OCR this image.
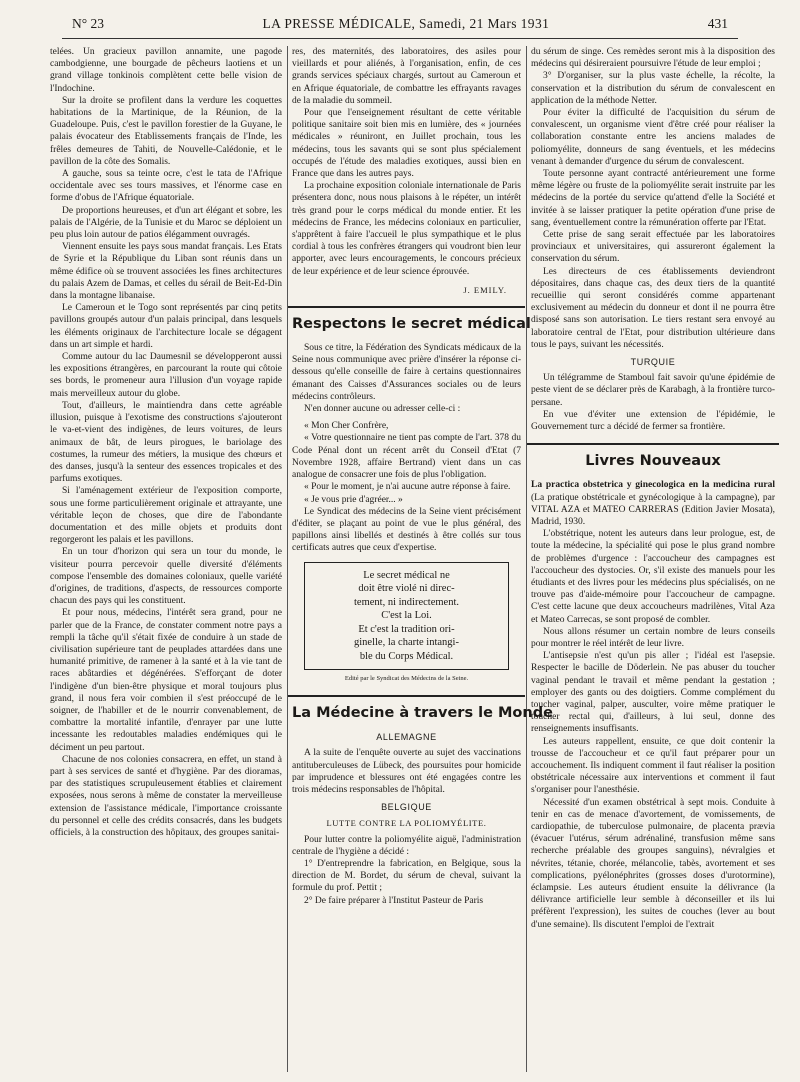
N° 23	LA PRESSE MÉDICALE, Samedi, 21 Mars 1931	431

telées. Un gracieux pavillon annamite, une pagode cambodgienne, une bourgade de pêcheurs laotiens et un grand village tonkinois complètent cette belle vision de l'Indochine.

Sur la droite se profilent dans la verdure les coquettes habitations de la Martinique, de la Réunion, de la Guadeloupe. Puis, c'est le pavillon forestier de la Guyane, le palais évocateur des Etablissements français de l'Inde, les frêles demeures de Tahiti, de Nouvelle-Calédonie, et le pavillon de la côte des Somalis.

A gauche, sous sa teinte ocre, c'est le tata de l'Afrique occidentale avec ses tours massives, et l'énorme case en forme d'obus de l'Afrique équatoriale.

De proportions heureuses, et d'un art élégant et sobre, les palais de l'Algérie, de la Tunisie et du Maroc se déploient un peu plus loin autour de patios élégamment ouvragés.

Viennent ensuite les pays sous mandat français. Les Etats de Syrie et la République du Liban sont réunis dans un même édifice où se trouvent associées les fines architectures du palais Azem de Damas, et celles du sérail de Beit-Ed-Din dans la montagne libanaise.

Le Cameroun et le Togo sont représentés par cinq petits pavillons groupés autour d'un palais principal, dans lesquels les éléments originaux de l'architecture locale se dégagent dans un art simple et hardi.

Comme autour du lac Daumesnil se développeront aussi les expositions étrangères, en parcourant la route qui côtoie ses bords, le promeneur aura l'illusion d'un voyage rapide mais merveilleux autour du globe.

Tout, d'ailleurs, le maintiendra dans cette agréable illusion, puisque à l'exotisme des constructions s'ajouteront le va-et-vient des indigènes, de leurs voitures, de leurs animaux de bât, de leurs pirogues, le bariolage des costumes, la rumeur des métiers, la musique des chœurs et des danses, jusqu'à la senteur des essences tropicales et des parfums exotiques.

Si l'aménagement extérieur de l'exposition comporte, sous une forme particulièrement originale et attrayante, une véritable leçon de choses, que dire de l'abondante documentation et des mille objets et produits dont regorgeront les palais et les pavillons.

En un tour d'horizon qui sera un tour du monde, le visiteur pourra percevoir quelle diversité d'éléments compose l'ensemble des domaines coloniaux, quelle variété d'origines, de traditions, d'aspects, de ressources comporte chacun des pays qui les constituent.

Et pour nous, médecins, l'intérêt sera grand, pour ne parler que de la France, de constater comment notre pays a rempli la tâche qu'il s'était fixée de conduire à un stade de civilisation supérieure tant de peuplades attardées dans une humanité primitive, de ramener à la santé et à la vie tant de races abâtardies et dégénérées. S'efforçant de doter l'indigène d'un bien-être physique et moral toujours plus grand, il nous fera voir combien il s'est préoccupé de le soigner, de l'habiller et de le nourrir convenablement, de combattre la mortalité infantile, d'enrayer par une lutte incessante les redoutables maladies endémiques qui le déciment un peu partout.

Chacune de nos colonies consacrera, en effet, un stand à part à ses services de santé et d'hygiène. Par des dioramas, par des statistiques scrupuleusement établies et clairement exposées, nous serons à même de constater la merveilleuse extension de l'assistance médicale, l'importance croissante du personnel et celle des crédits consacrés, dans les budgets officiels, à la construction des hôpitaux, des groupes sanitai-

res, des maternités, des laboratoires, des asiles pour vieillards et pour aliénés, à l'organisation, enfin, de ces grands services spéciaux chargés, surtout au Cameroun et en Afrique équatoriale, de combattre les effrayants ravages de la maladie du sommeil.

Pour que l'enseignement résultant de cette véritable politique sanitaire soit bien mis en lumière, des « journées médicales » réuniront, en Juillet prochain, tous les médecins, tous les savants qui se sont plus spécialement occupés de l'étude des maladies exotiques, aussi bien en France que dans les autres pays.

La prochaine exposition coloniale internationale de Paris présentera donc, nous nous plaisons à le répéter, un intérêt très grand pour le corps médical du monde entier. Et les médecins de France, les médecins coloniaux en particulier, s'apprêtent à faire l'accueil le plus sympathique et le plus cordial à tous les confrères étrangers qui voudront bien leur apporter, avec leurs encouragements, le concours précieux de leur expérience et de leur science éprouvée.

J. EMILY.
Respectons le secret médical

Sous ce titre, la Fédération des Syndicats médicaux de la Seine nous communique avec prière d'insérer la réponse ci-dessous qu'elle conseille de faire à certains questionnaires émanant des Caisses d'Assurances sociales ou de leurs médecins contrôleurs.

N'en donner aucune ou adresser celle-ci :

« Mon Cher Confrère,

« Votre questionnaire ne tient pas compte de l'art. 378 du Code Pénal dont un récent arrêt du Conseil d'Etat (7 Novembre 1928, affaire Bertrand) vient dans un cas analogue de consacrer une fois de plus l'obligation.

« Pour le moment, je n'ai aucune autre réponse à faire.

« Je vous prie d'agréer... »

Le Syndicat des médecins de la Seine vient précisément d'éditer, se plaçant au point de vue le plus général, des papillons ainsi libellés et destinés à être collés sur tous certificats autres que ceux d'expertise.

Le secret médical ne
doit être violé ni direc-
tement, ni indirectement.
C'est la Loi.
Et c'est la tradition ori-
ginelle, la charte intangi-
ble du Corps Médical.
Edité par le Syndicat des Médecins de la Seine.
La Médecine à travers le Monde
ALLEMAGNE

A la suite de l'enquête ouverte au sujet des vaccinations antituberculeuses de Lübeck, des poursuites pour homicide par imprudence et blessures ont été engagées contre les trois médecins responsables de l'hôpital.

BELGIQUE
LUTTE CONTRE LA POLIOMYÉLITE.

Pour lutter contre la poliomyélite aiguë, l'administration centrale de l'hygiène a décidé :

1° D'entreprendre la fabrication, en Belgique, sous la direction de M. Bordet, du sérum de cheval, suivant la formule du prof. Pettit ;

2° De faire préparer à l'Institut Pasteur de Paris

du sérum de singe. Ces remèdes seront mis à la disposition des médecins qui désireraient poursuivre l'étude de leur emploi ;

3° D'organiser, sur la plus vaste échelle, la récolte, la conservation et la distribution du sérum de convalescent en application de la méthode Netter.

Pour éviter la difficulté de l'acquisition du sérum de convalescent, un organisme vient d'être créé pour réaliser la collaboration constante entre les anciens malades de poliomyélite, donneurs de sang éventuels, et les médecins venant à demander d'urgence du sérum de convalescent.

Toute personne ayant contracté antérieurement une forme même légère ou fruste de la poliomyélite serait instruite par les médecins de la portée du service qu'attend d'elle la Société et invitée à se laisser pratiquer la petite opération d'une prise de sang, éventuellement contre la rémunération offerte par l'Etat.

Cette prise de sang serait effectuée par les laboratoires provinciaux et universitaires, qui assureront également la conservation du sérum.

Les directeurs de ces établissements deviendront dépositaires, dans chaque cas, des deux tiers de la quantité recueillie qui seront considérés comme appartenant exclusivement au médecin du donneur et dont il ne pourra être disposé sans son autorisation. Le tiers restant sera envoyé au laboratoire central de l'Etat, pour distribution ultérieure dans tous le pays, suivant les nécessités.

TURQUIE

Un télégramme de Stamboul fait savoir qu'une épidémie de peste vient de se déclarer près de Karabagh, à la frontière turco-persane.

En vue d'éviter une extension de l'épidémie, le Gouvernement turc a décidé de fermer sa frontière.

Livres Nouveaux

La practica obstetrica y ginecologica en la medicina rural (La pratique obstétricale et gynécologique à la campagne), par VITAL AZA et MATEO CARRERAS (Edition Javier Mosata), Madrid, 1930.

L'obstétrique, notent les auteurs dans leur prologue, est, de toute la médecine, la spécialité qui pose le plus grand nombre de problèmes d'urgence : l'accoucheur des campagnes est l'accoucheur des dystocies. Or, s'il existe des manuels pour les étudiants et des livres pour les médecins plus spécialisés, on ne trouve pas d'aide-mémoire pour l'accoucheur de campagne. C'est cette lacune que deux accoucheurs madrilènes, Vital Aza et Mateo Carrecas, se sont proposé de combler.

Nous allons résumer un certain nombre de leurs conseils pour montrer le réel intérêt de leur livre.

L'antisepsie n'est qu'un pis aller ; l'idéal est l'asepsie. Respecter le bacille de Döderlein. Ne pas abuser du toucher vaginal pendant le travail et même pendant la gestation ; employer des gants ou des doigtiers. Comme complément du toucher vaginal, palper, ausculter, voire même pratiquer le toucher rectal qui, d'ailleurs, à lui seul, donne des renseignements insuffisants.

Les auteurs rappellent, ensuite, ce que doit contenir la trousse de l'accoucheur et ce qu'il faut préparer pour un accouchement. Ils indiquent comment il faut réaliser la position obstétricale nécessaire aux interventions et comment il faut s'organiser pour l'anesthésie.

Nécessité d'un examen obstétrical à sept mois. Conduite à tenir en cas de menace d'avortement, de vomissements, de cardiopathie, de tuberculose pulmonaire, de placenta prævia (évacuer l'utérus, sérum adrénaliné, transfusion même sans recherche préalable des groupes sanguins), névralgies et névrites, tétanie, chorée, mélancolie, tabès, avortement et ses complications, pyélonéphrites (grosses doses d'urotormine), éclampsie. Les auteurs étudient ensuite la délivrance (la délivrance artificielle leur semble à déconseiller et ils lui préfèrent l'expression), les suites de couches (lever au bout d'une semaine). Ils discutent l'emploi de l'extrait
